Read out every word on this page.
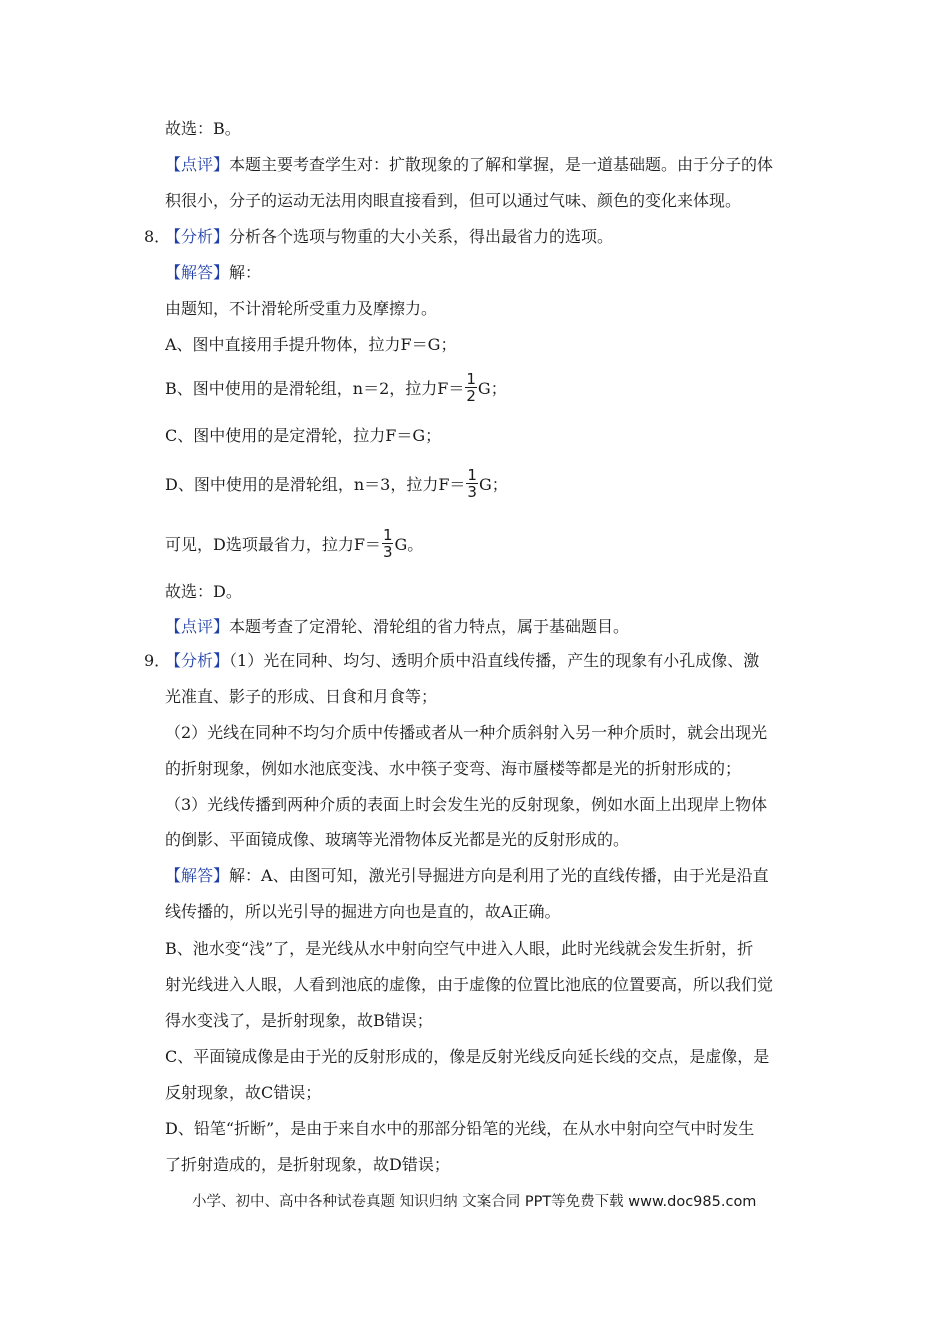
故选：B。
【点评】本题主要考查学生对：扩散现象的了解和掌握，是一道基础题。由于分子的体
积很小，分子的运动无法用肉眼直接看到，但可以通过气味、颜色的变化来体现。
8．
【分析】分析各个选项与物重的大小关系，得出最省力的选项。
【解答】解：
由题知，不计滑轮所受重力及摩擦力。
A、图中直接用手提升物体，拉力F＝G；
B、图中使用的是滑轮组，n＝2，拉力$F= \frac{1}{2}$ G；
C、图中使用的是定滑轮，拉力F＝G；
D、图中使用的是滑轮组，n＝3，拉力$F= \frac{1}{3}$ G；
可见，D选项最省力，拉力$F= \frac{1}{3}$ G。
故选：D。
【点评】本题考查了定滑轮、滑轮组的省力特点，属于基础题目。
9．
【分析】（1）光在同种、均匀、透明介质中沿直线传播，产生的现象有小孔成像、激
光准直、影子的形成、日食和月食等；
（2）光线在同种不均匀介质中传播或者从一种介质斜射入另一种介质时，就会出现光
的折射现象，例如水池底变浅、水中筷子变弯、海市蜃楼等都是光的折射形成的；
（3）光线传播到两种介质的表面上时会发生光的反射现象，例如水面上出现岸上物体
的倒影、平面镜成像、玻璃等光滑物体反光都是光的反射形成的。
【解答】解：A、由图可知，激光引导掘进方向是利用了光的直线传播，由于光是沿直
线传播的，所以光引导的掘进方向也是直的，故A正确。
B、池水变“浅”了，是光线从水中射向空气中进入人眼，此时光线就会发生折射，折
射光线进入人眼，人看到池底的虚像，由于虚像的位置比池底的位置要高，所以我们觉
得水变浅了，是折射现象，故B错误；
C、平面镜成像是由于光的反射形成的，像是反射光线反向延长线的交点，是虚像，是
反射现象，故C错误；
D、铅笔“折断”，是由于来自水中的那部分铅笔的光线，在从水中射向空气中时发生
了折射造成的，是折射现象，故D错误；
小学、初中、高中各种试卷真题 知识归纳 文案合同 PPT等免费下载 www.doc985.com
